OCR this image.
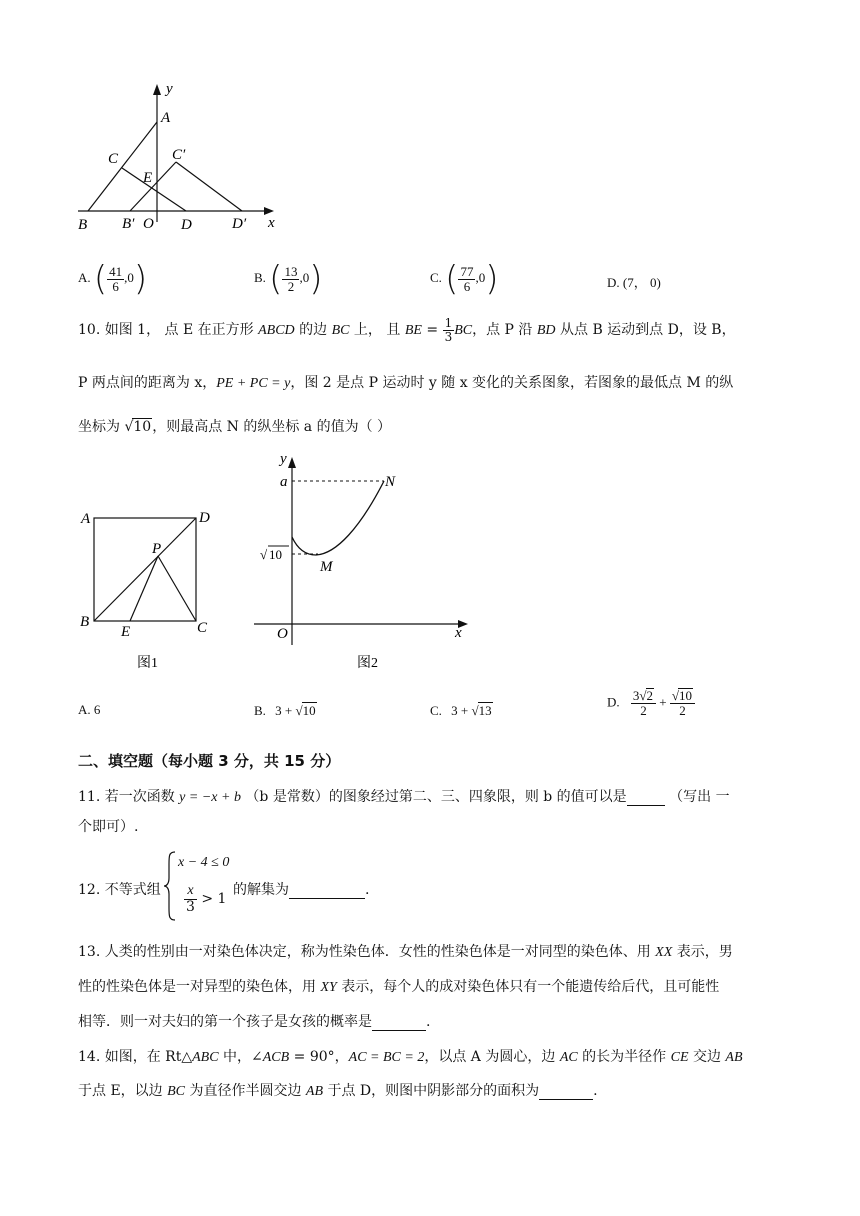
y
A
C	C′
E
B B′ O D	D′ x
A. ( $\frac{41}{6} ,0$)	B. ( $\frac{13}{2} ,0$)	C. ( $\frac{77}{6} ,0$)	D. (7， 0)
10. 如图 1， 点 E 在正方形 ABCD 的边 BC 上， 且 BE = $\frac{1}{3}$ BC，点 P 沿 BD 从点 B 运动到点 D，设 B，
P 两点间的距离为 x，PE + PC = y，图 2 是点 P 运动时 y 随 x 变化的关系图象，若图象的最低点 M 的纵
坐标为 √10，则最高点 N 的纵坐标 a 的值为（ ）
A	D
P
B
E	C
图1
y
a	N
√ 10
M
O	x
图2
A. 6	B. 3 + √10	C. 3 + √13
D. $\frac{3√2}{2} + \frac{√10}{2}$
二、填空题（每小题 3 分，共 15 分）
11. 若一次函数 y = −x + b （b 是常数）的图象经过第二、三、四象限，则 b 的值可以是	（写出 一
个即可）.
12. 不等式组
x − 4 ≤ 0
$\frac{x}{3} > 1$
的解集为	.
13. 人类的性别由一对染色体决定，称为性染色体．女性的性染色体是一对同型的染色体、用 XX 表示，男
性的性染色体是一对异型的染色体，用 XY 表示，每个人的成对染色体只有一个能遗传给后代，且可能性
相等．则一对夫妇的第一个孩子是女孩的概率是	.
14. 如图，在 Rt△ABC 中，∠ACB = 90°，AC = BC = 2，以点 A 为圆心，边 AC 的长为半径作 CE 交边 AB
于点 E，以边 BC 为直径作半圆交边 AB 于点 D，则图中阴影部分的面积为	.
